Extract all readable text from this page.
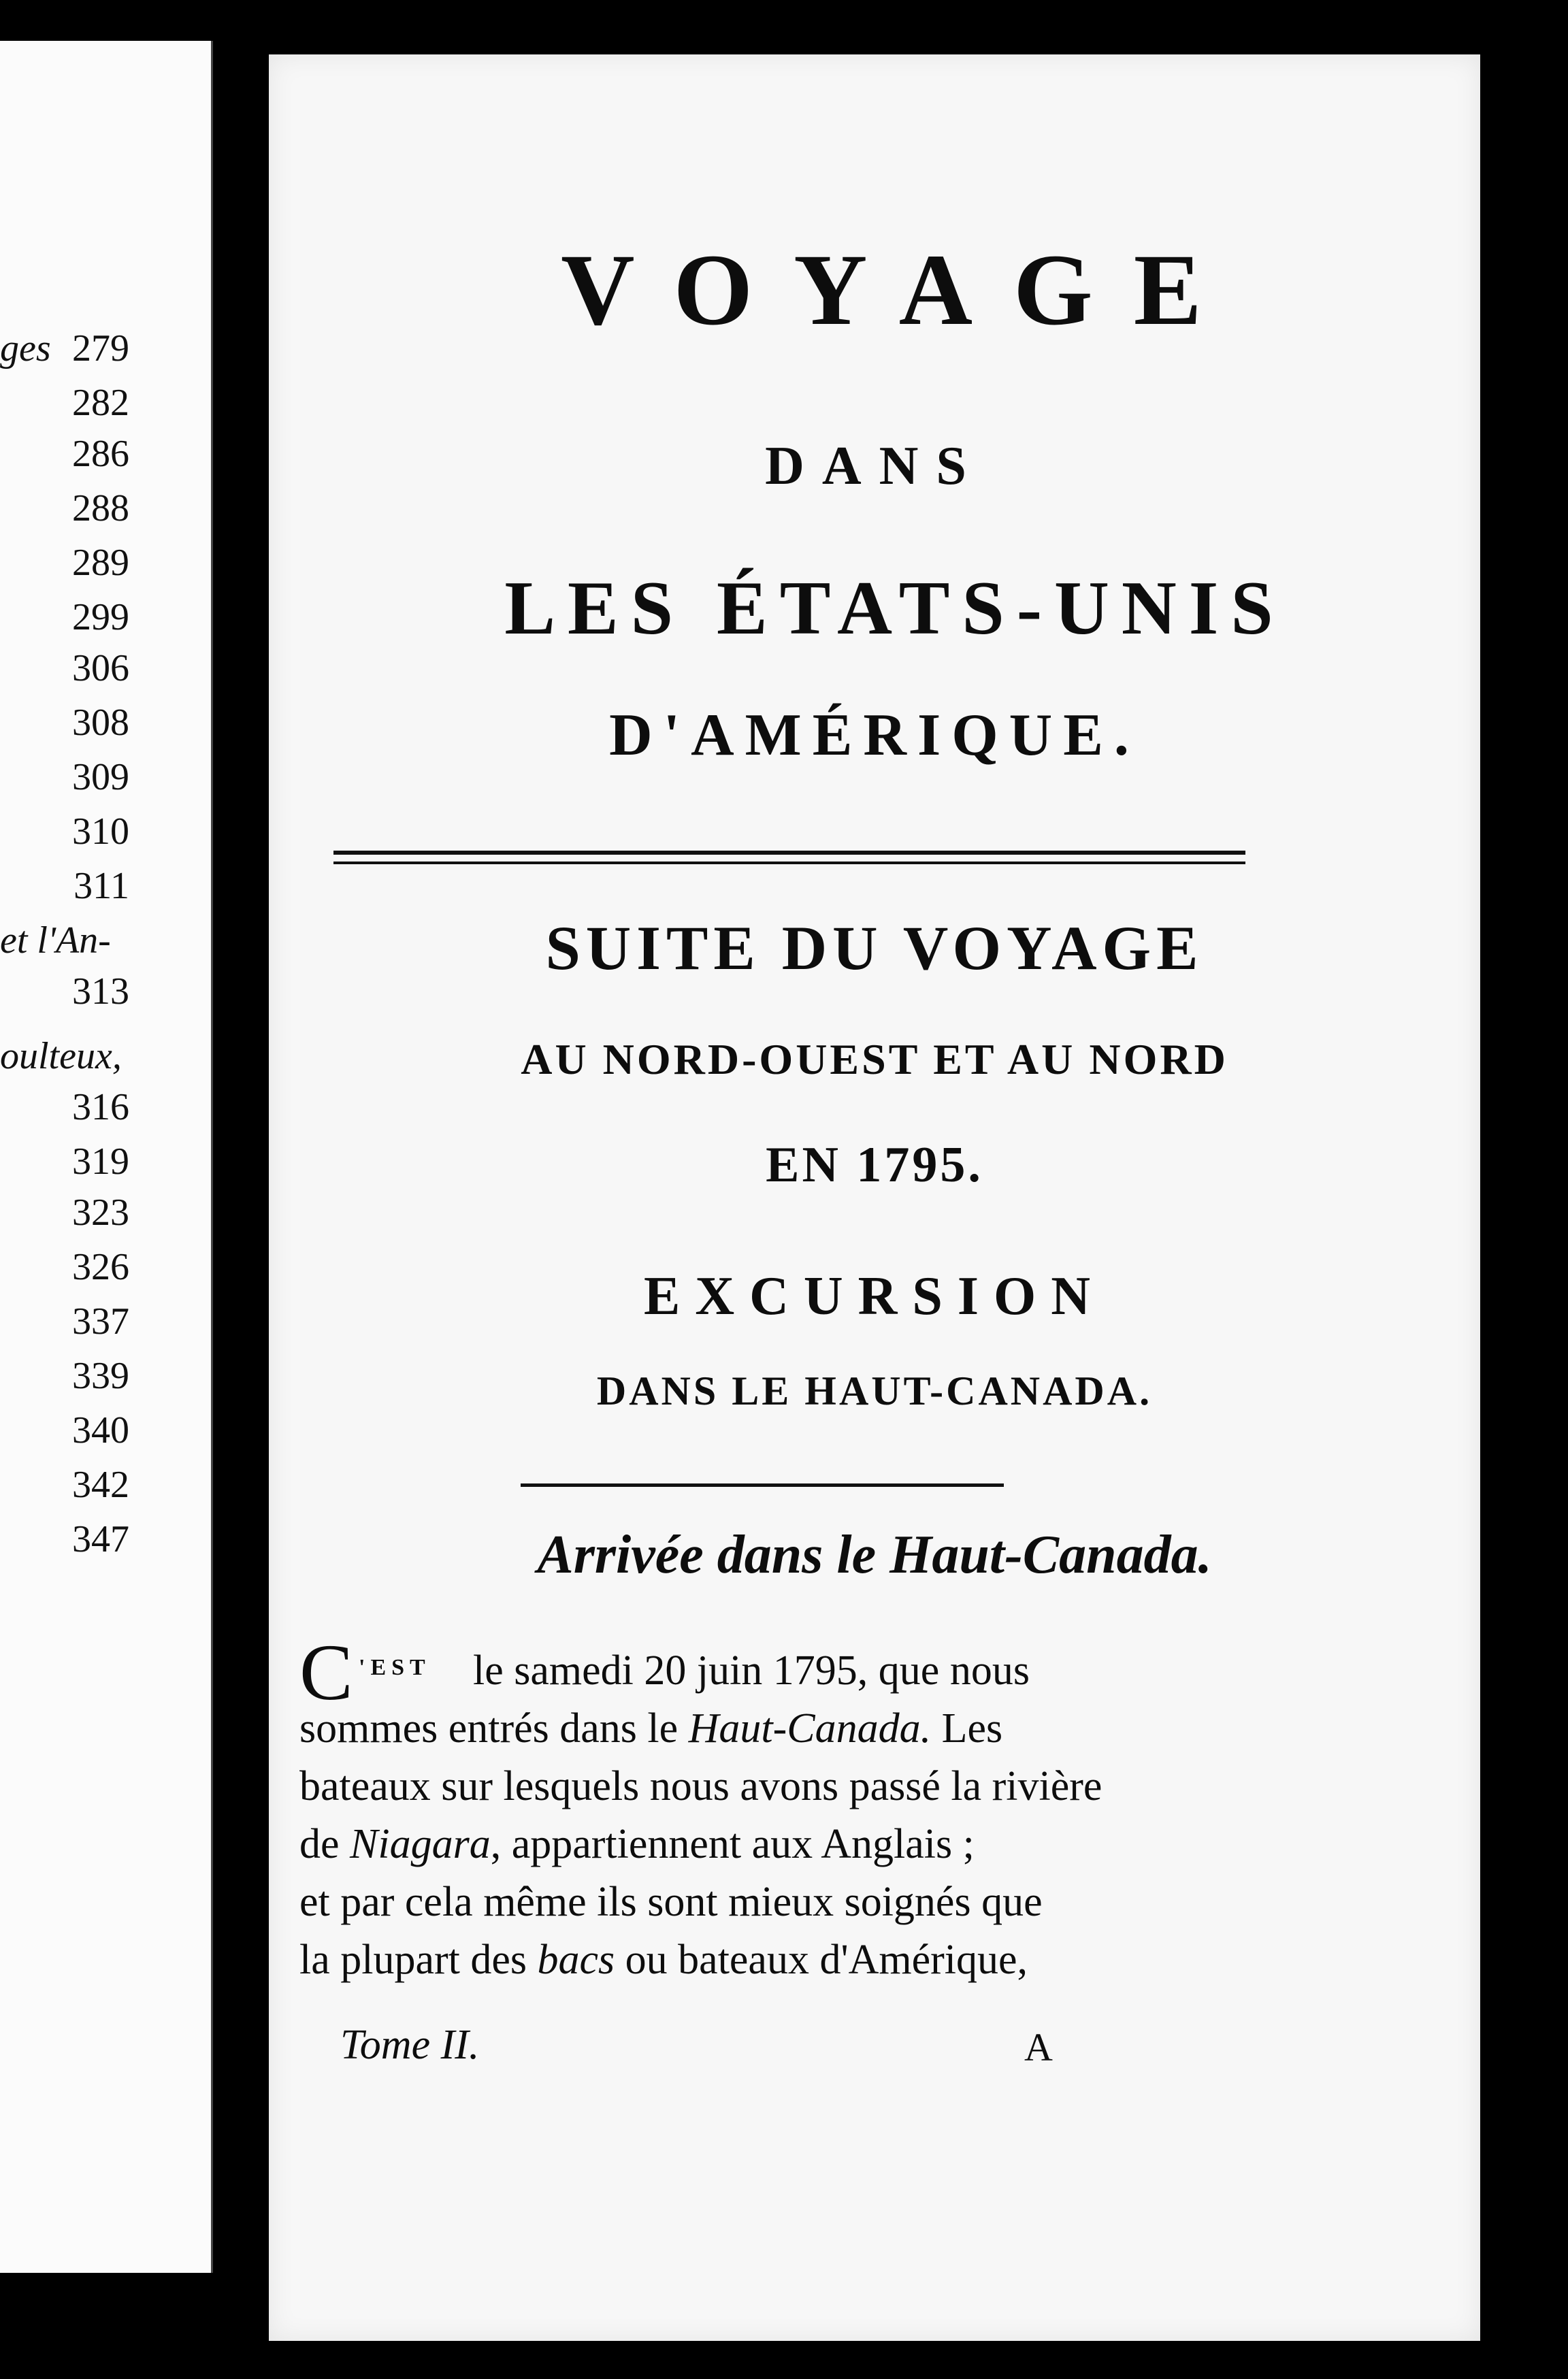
ges
et l'An-
oulteux,
279
282
286
288
289
299
306
308
309
310
311
313
316
319
323
326
337
339
340
342
347
VOYAGE
DANS
LES ÉTATS-UNIS
D'AMÉRIQUE.
SUITE DU VOYAGE
AU NORD-OUEST ET AU NORD
EN 1795.
EXCURSION
DANS LE HAUT-CANADA.
Arrivée dans le Haut-Canada.
C 'EST le samedi 20 juin 1795, que nous
sommes entrés dans le Haut-Canada. Les
bateaux sur lesquels nous avons passé la rivière
de Niagara, appartiennent aux Anglais ;
et par cela même ils sont mieux soignés que
la plupart des bacs ou bateaux d'Amérique,
Tome II.	A
